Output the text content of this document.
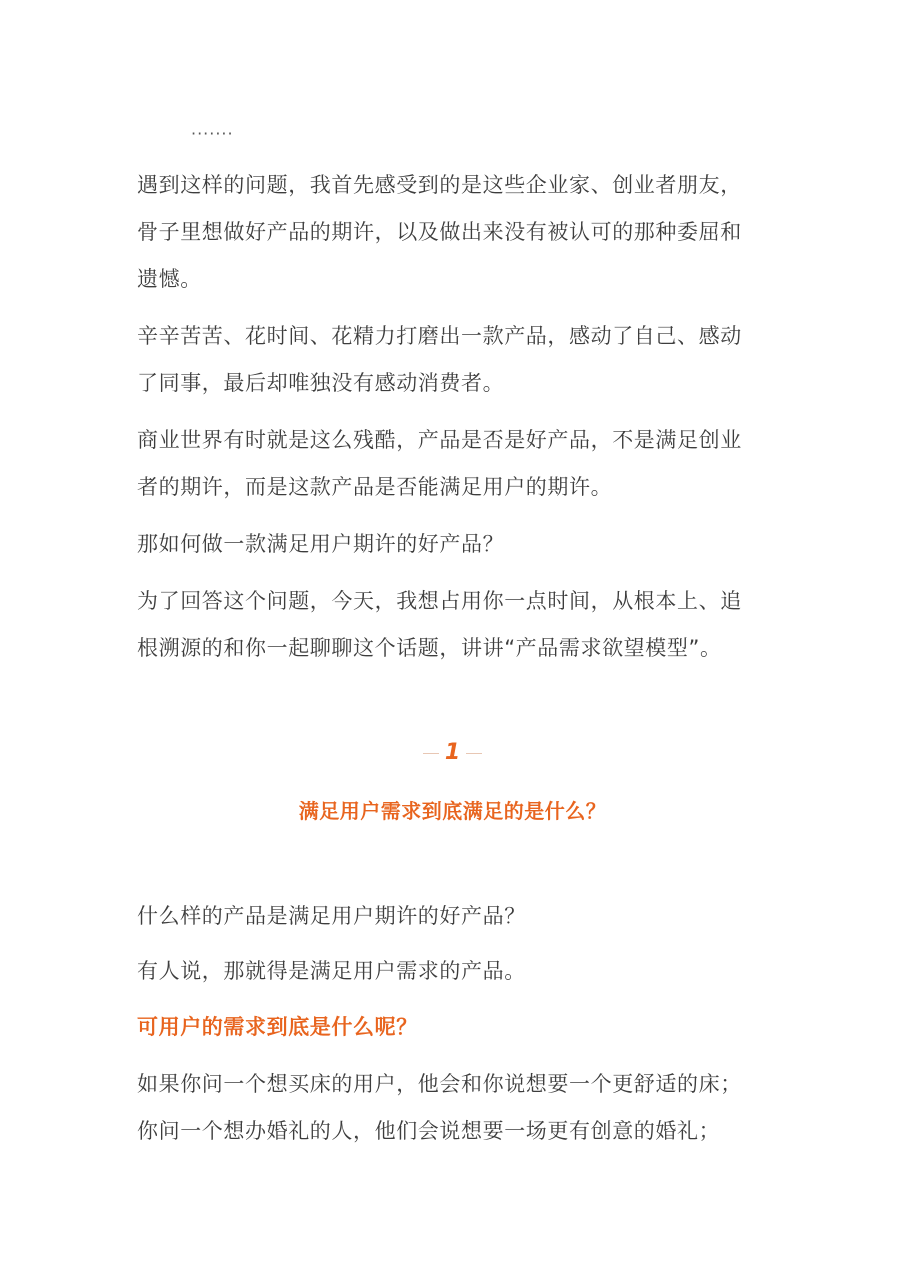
·······

遇到这样的问题，我首先感受到的是这些企业家、创业者朋友，
骨子里想做好产品的期许，以及做出来没有被认可的那种委屈和
遗憾。

辛辛苦苦、花时间、花精力打磨出一款产品，感动了自己、感动
了同事，最后却唯独没有感动消费者。

商业世界有时就是这么残酷，产品是否是好产品，不是满足创业
者的期许，而是这款产品是否能满足用户的期许。

那如何做一款满足用户期许的好产品？

为了回答这个问题，今天，我想占用你一点时间，从根本上、追
根溯源的和你一起聊聊这个话题，讲讲“产品需求欲望模型”。

1
满足用户需求到底满足的是什么？

什么样的产品是满足用户期许的好产品？

有人说，那就得是满足用户需求的产品。

可用户的需求到底是什么呢？

如果你问一个想买床的用户，他会和你说想要一个更舒适的床；
你问一个想办婚礼的人，他们会说想要一场更有创意的婚礼；
